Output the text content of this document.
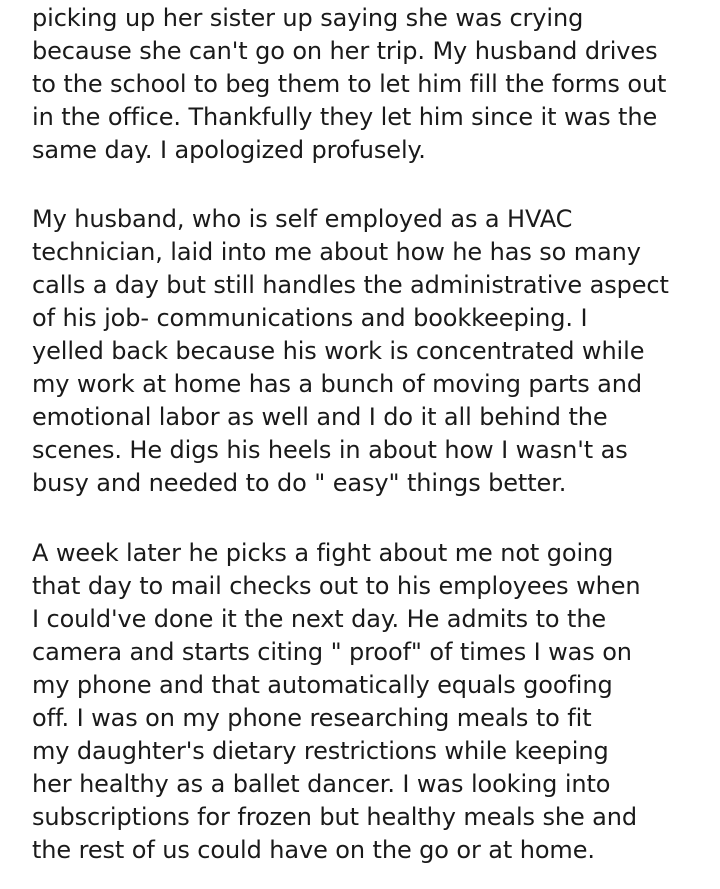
picking up her sister up saying she was crying
because she can't go on her trip. My husband drives
to the school to beg them to let him fill the forms out
in the office. Thankfully they let him since it was the
same day. I apologized profusely.
My husband, who is self employed as a HVAC
technician, laid into me about how he has so many
calls a day but still handles the administrative aspect
of his job- communications and bookkeeping. I
yelled back because his work is concentrated while
my work at home has a bunch of moving parts and
emotional labor as well and I do it all behind the
scenes. He digs his heels in about how I wasn't as
busy and needed to do " easy" things better.
A week later he picks a fight about me not going
that day to mail checks out to his employees when
I could've done it the next day. He admits to the
camera and starts citing " proof" of times I was on
my phone and that automatically equals goofing
off. I was on my phone researching meals to fit
my daughter's dietary restrictions while keeping
her healthy as a ballet dancer. I was looking into
subscriptions for frozen but healthy meals she and
the rest of us could have on the go or at home.
